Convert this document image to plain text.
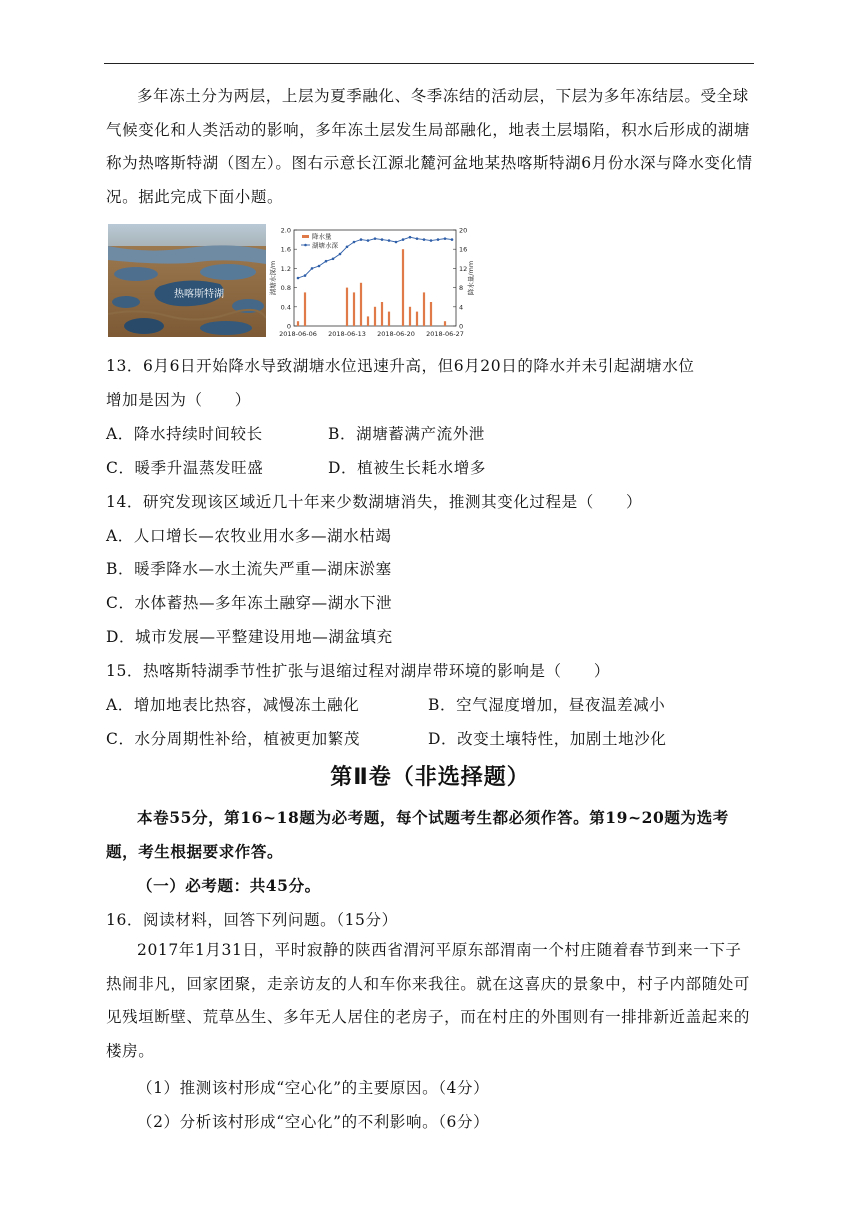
多年冻土分为两层，上层为夏季融化、冬季冻结的活动层，下层为多年冻结层。受全球气候变化和人类活动的影响，多年冻土层发生局部融化，地表土层塌陷，积水后形成的湖塘称为热喀斯特湖（图左）。图右示意长江源北麓河盆地某热喀斯特湖6月份水深与降水变化情况。据此完成下面小题。
热喀斯特湖
0
0.4
0.8
1.2
1.6
2.0
0
4
8
12
16
20
湖塘水深/m	降水量/mm
2018-06-06 2018-06-13 2018-06-20 2018-06-27
降水量
湖塘水深
13．6月6日开始降水导致湖塘水位迅速升高，但6月20日的降水并未引起湖塘水位
增加是因为（　　）
A．降水持续时间较长	B．湖塘蓄满产流外泄
C．暖季升温蒸发旺盛	D．植被生长耗水增多
14．研究发现该区域近几十年来少数湖塘消失，推测其变化过程是（　　）
A．人口增长—农牧业用水多—湖水枯竭
B．暖季降水—水土流失严重—湖床淤塞
C．水体蓄热—多年冻土融穿—湖水下泄
D．城市发展—平整建设用地—湖盆填充
15．热喀斯特湖季节性扩张与退缩过程对湖岸带环境的影响是（　　）
A．增加地表比热容，减慢冻土融化	B．空气湿度增加，昼夜温差减小
C．水分周期性补给，植被更加繁茂	D．改变土壤特性，加剧土地沙化
第Ⅱ卷（非选择题）
本卷55分，第16~18题为必考题，每个试题考生都必须作答。第19~20题为选考题，考生根据要求作答。
（一）必考题：共45分。
16．阅读材料，回答下列问题。（15分）
2017年1月31日，平时寂静的陕西省渭河平原东部渭南一个村庄随着春节到来一下子热闹非凡，回家团聚，走亲访友的人和车你来我往。就在这喜庆的景象中，村子内部随处可见残垣断壁、荒草丛生、多年无人居住的老房子，而在村庄的外围则有一排排新近盖起来的楼房。
（1）推测该村形成“空心化”的主要原因。（4分）
（2）分析该村形成“空心化”的不利影响。（6分）
